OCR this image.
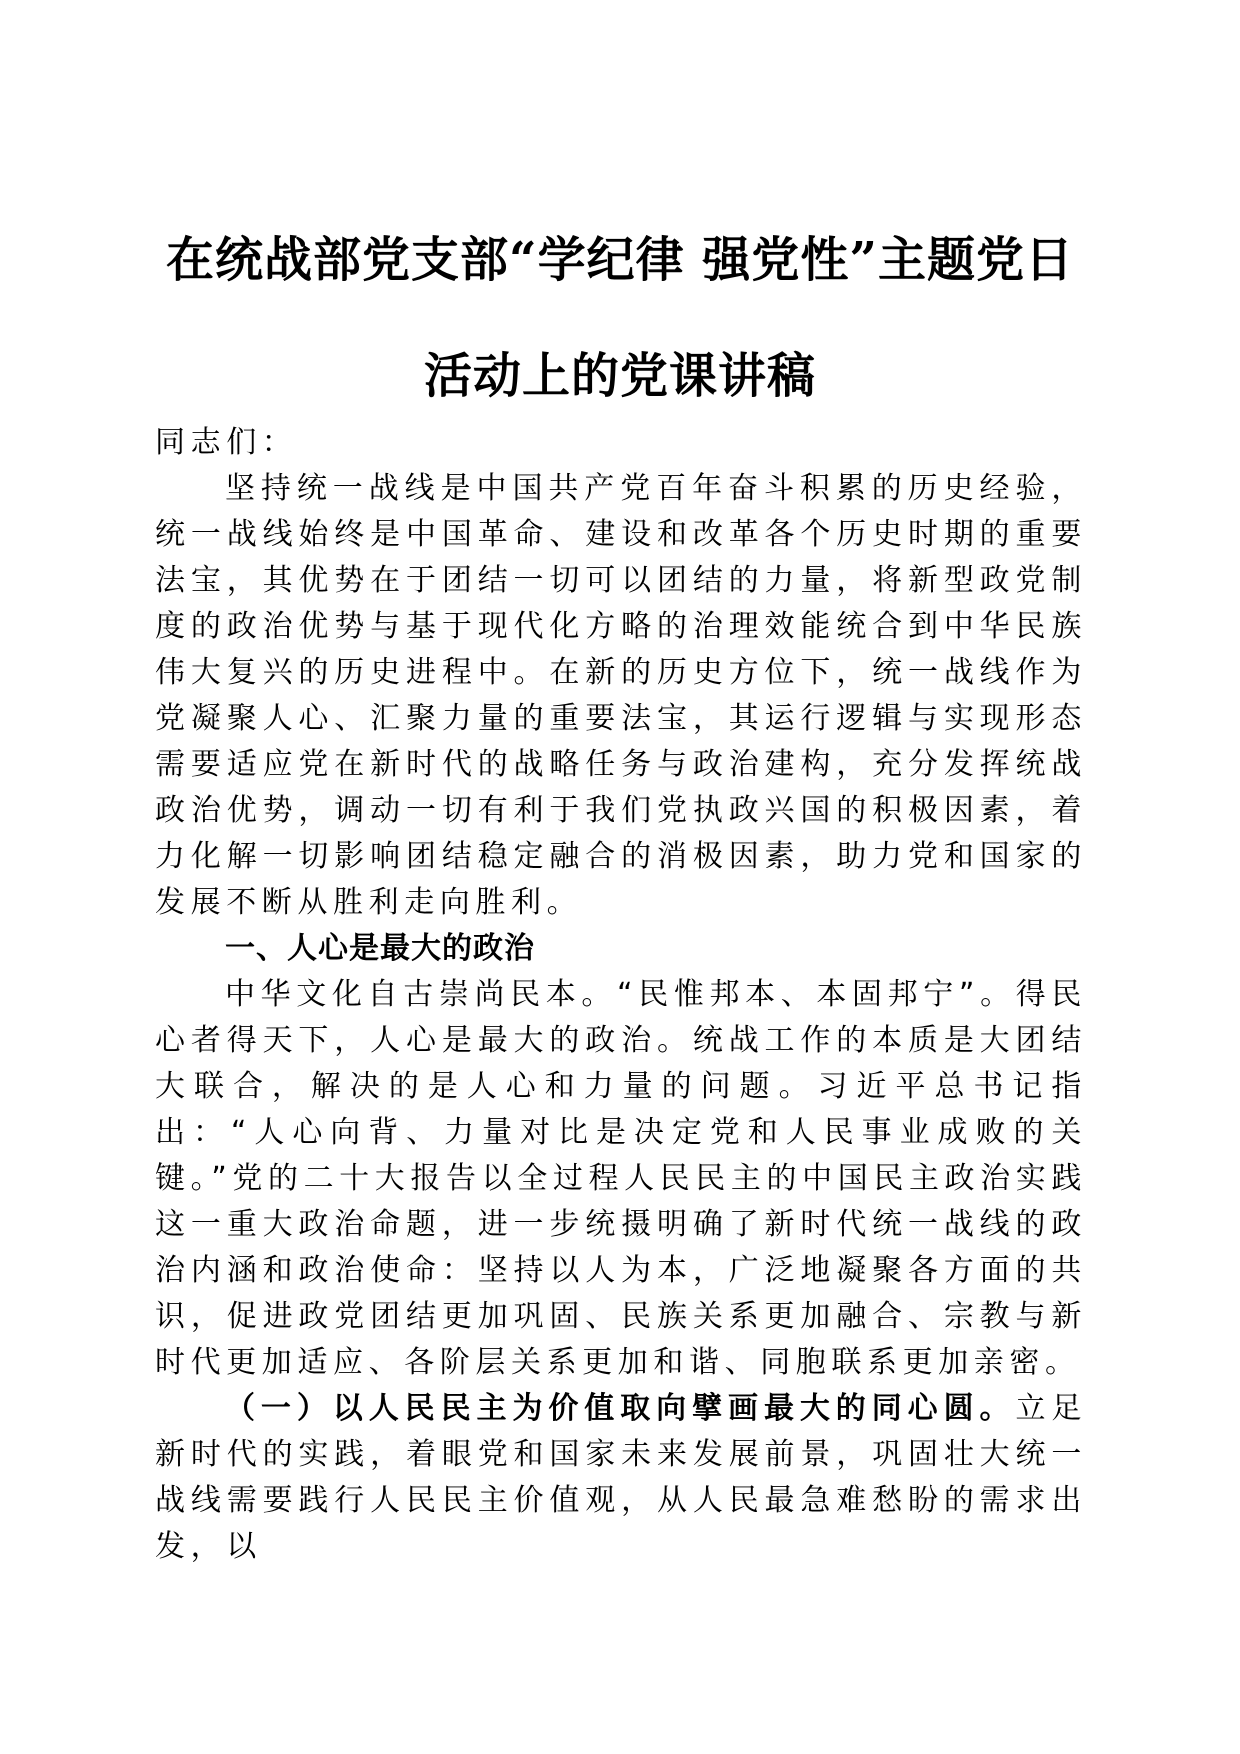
在统战部党支部“学纪律 强党性”主题党日
活动上的党课讲稿

同志们：

坚持统一战线是中国共产党百年奋斗积累的历史经验，统一战线始终是中国革命、建设和改革各个历史时期的重要法宝，其优势在于团结一切可以团结的力量，将新型政党制度的政治优势与基于现代化方略的治理效能统合到中华民族伟大复兴的历史进程中。在新的历史方位下，统一战线作为党凝聚人心、汇聚力量的重要法宝，其运行逻辑与实现形态需要适应党在新时代的战略任务与政治建构，充分发挥统战政治优势，调动一切有利于我们党执政兴国的积极因素，着力化解一切影响团结稳定融合的消极因素，助力党和国家的发展不断从胜利走向胜利。

一、人心是最大的政治

中华文化自古崇尚民本。“民惟邦本、本固邦宁”。得民心者得天下，人心是最大的政治。统战工作的本质是大团结大联合，解决的是人心和力量的问题。习近平总书记指出：“人心向背、力量对比是决定党和人民事业成败的关键。”党的二十大报告以全过程人民民主的中国民主政治实践这一重大政治命题，进一步统摄明确了新时代统一战线的政治内涵和政治使命：坚持以人为本，广泛地凝聚各方面的共识，促进政党团结更加巩固、民族关系更加融合、宗教与新时代更加适应、各阶层关系更加和谐、同胞联系更加亲密。

（一）以人民民主为价值取向擘画最大的同心圆。立足新时代的实践，着眼党和国家未来发展前景，巩固壮大统一战线需要践行人民民主价值观，从人民最急难愁盼的需求出发，以
